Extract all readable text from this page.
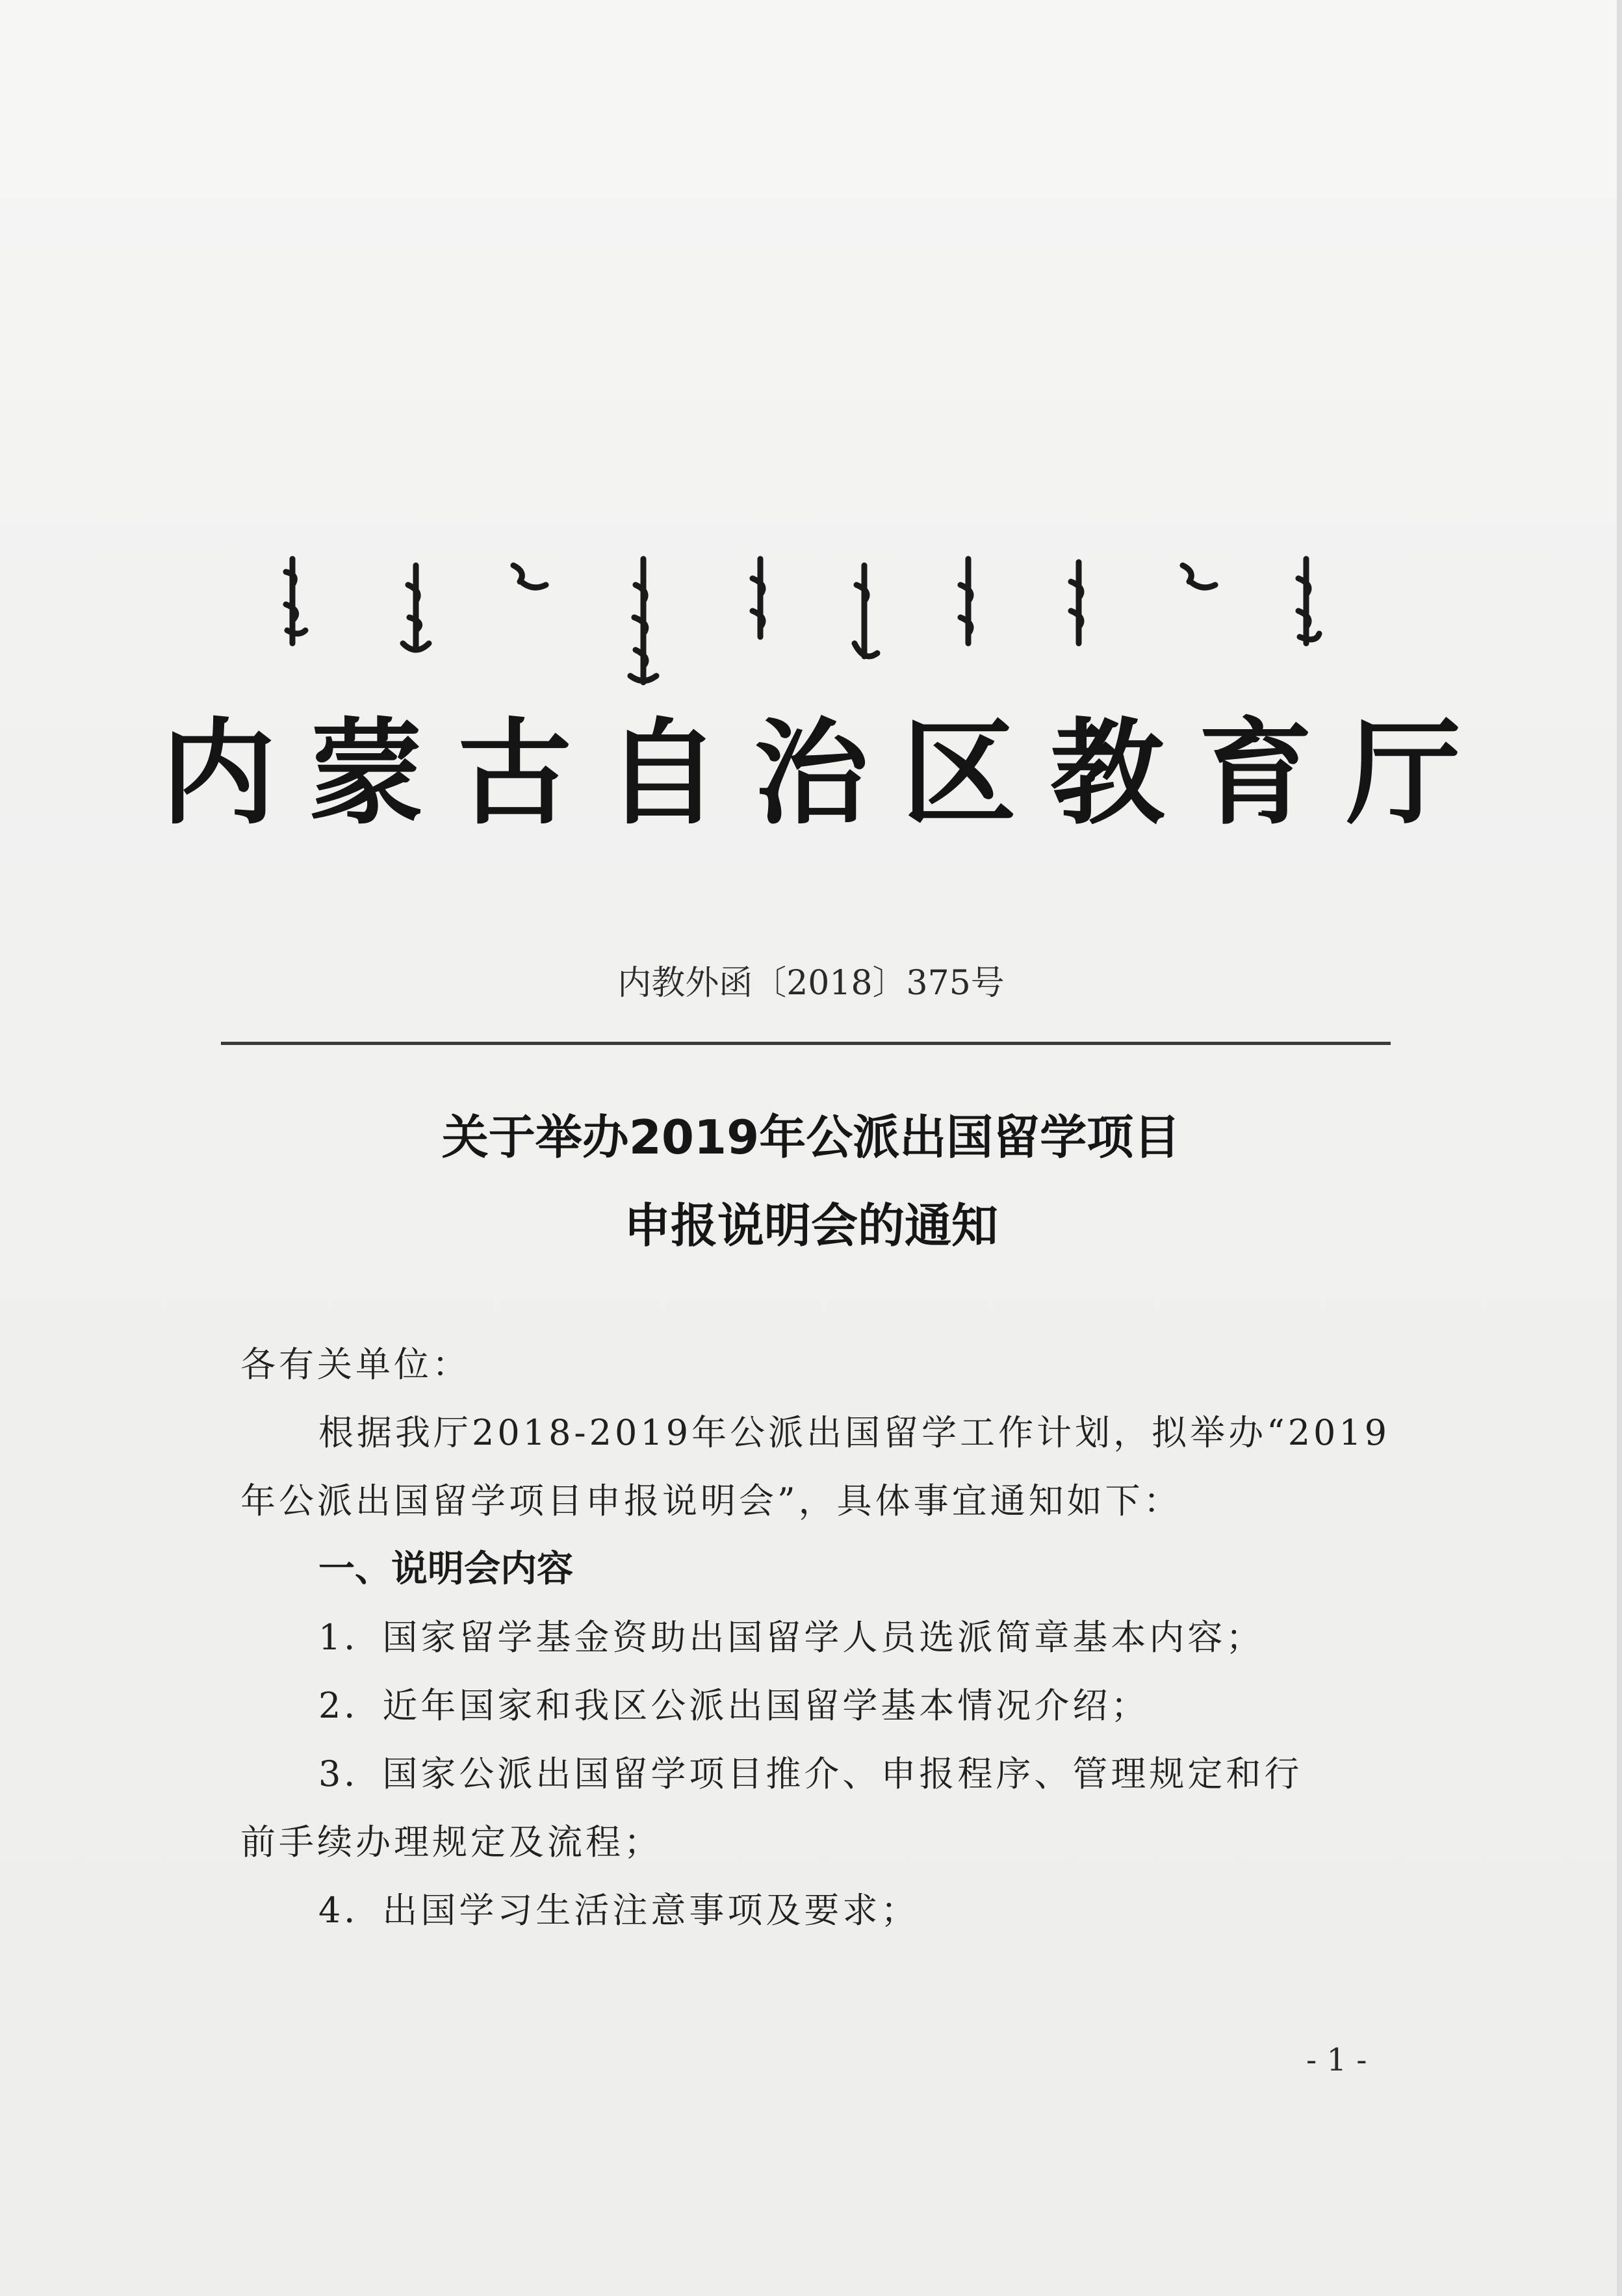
内蒙古自治区教育厅
内教外函〔2018〕375号
关于举办2019年公派出国留学项目
申报说明会的通知
各有关单位：
根据我厅2018-2019年公派出国留学工作计划，拟举办“2019
年公派出国留学项目申报说明会”，具体事宜通知如下：
一、说明会内容
1．国家留学基金资助出国留学人员选派简章基本内容；
2．近年国家和我区公派出国留学基本情况介绍；
3．国家公派出国留学项目推介、申报程序、管理规定和行
前手续办理规定及流程；
4．出国学习生活注意事项及要求；
- 1 -
